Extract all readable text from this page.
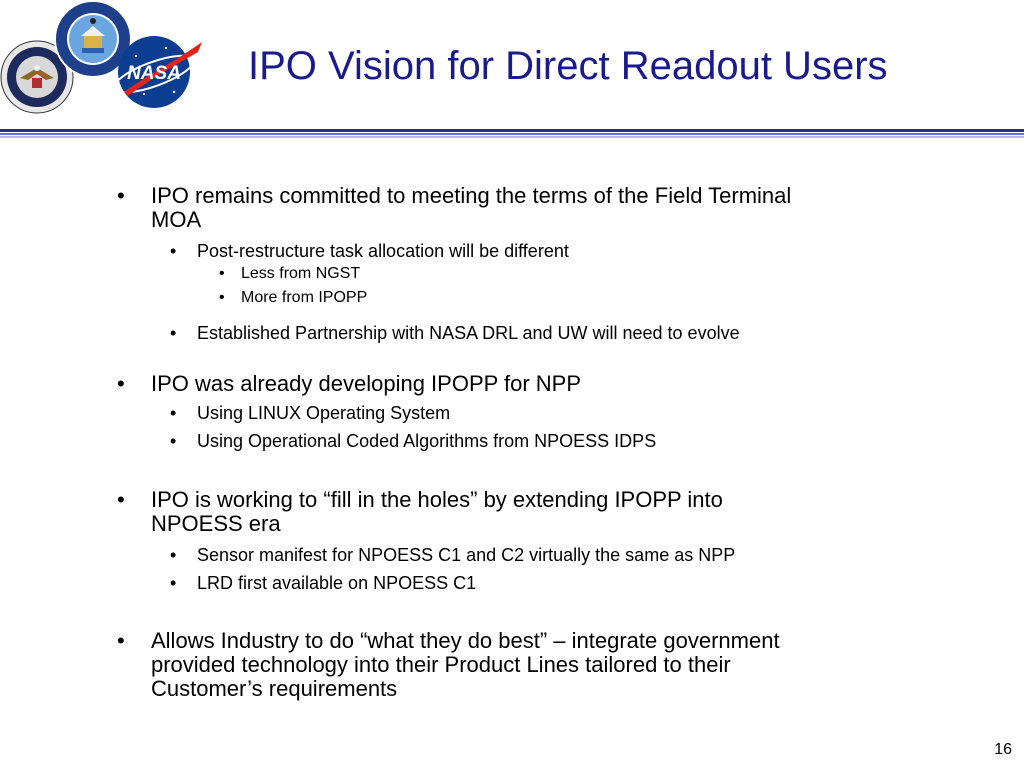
NASA IPO Vision for Direct Readout Users
• IPO remains committed to meeting the terms of the Field Terminal
MOA
• Post-restructure task allocation will be different
• Less from NGST
• More from IPOPP
• Established Partnership with NASA DRL and UW will need to evolve
• IPO was already developing IPOPP for NPP
• Using LINUX Operating System
• Using Operational Coded Algorithms from NPOESS IDPS
• IPO is working to “fill in the holes” by extending IPOPP into
NPOESS era
• Sensor manifest for NPOESS C1 and C2 virtually the same as NPP
• LRD first available on NPOESS C1
• Allows Industry to do “what they do best” – integrate government
provided technology into their Product Lines tailored to their
Customer’s requirements
16
